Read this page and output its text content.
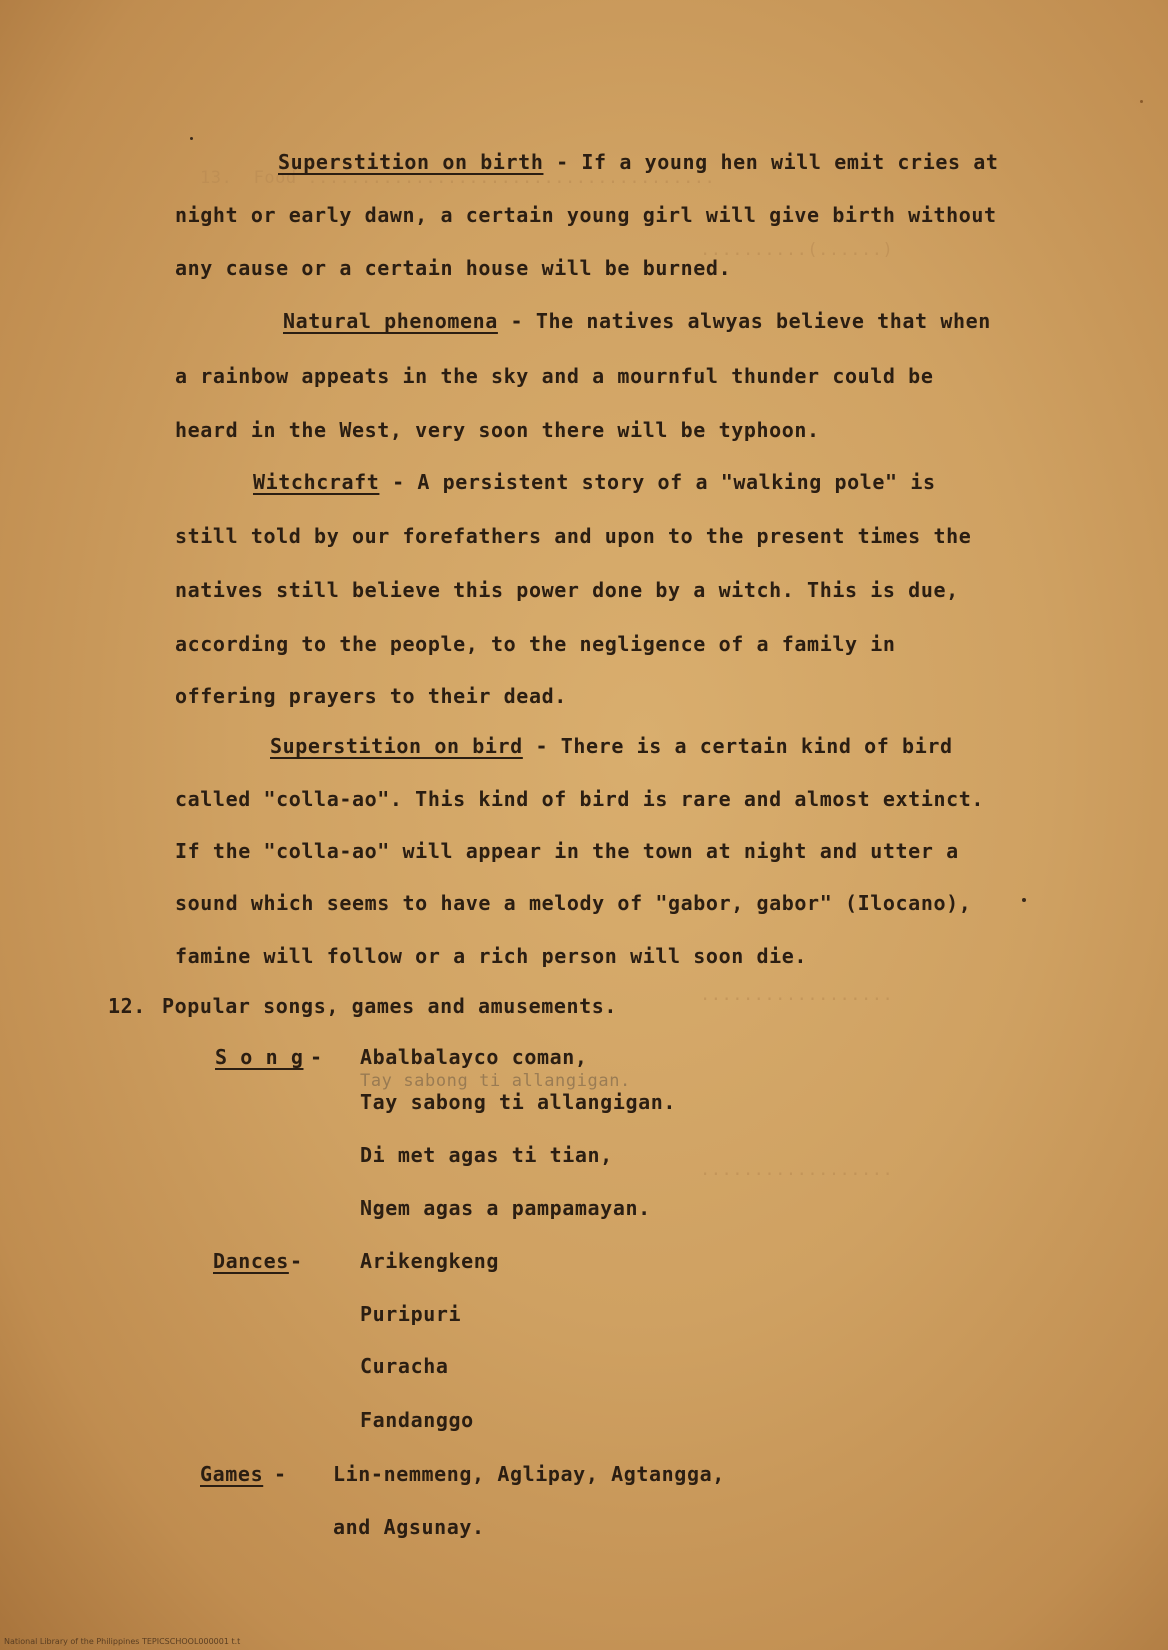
13.  Food ......................................
..........(......)
..................
..................
Superstition on birth - If a young hen will emit cries at
night or early dawn, a certain young girl will give birth without
any cause or a certain house will be burned.
Natural phenomena - The natives alwyas believe that when
a rainbow appeats in the sky and a mournful thunder could be
heard in the West, very soon there will be typhoon.
Witchcraft - A persistent story of a "walking pole" is
still told by our forefathers and upon to the present times the
natives still believe this power done by a witch. This is due,
according to the people, to the negligence of a family in
offering prayers to their dead.
Superstition on bird - There is a certain kind of bird
called "colla-ao". This kind of bird is rare and almost extinct.
If the "colla-ao" will appear in the town at night and utter a
sound which seems to have a melody of "gabor, gabor" (Ilocano),
famine will follow or a rich person will soon die.
12. Popular songs, games and amusements.
S o n g - Abalbalayco coman,
Tay sabong ti allangigan.
Tay sabong ti allangigan.
Di met agas ti tian,
Ngem agas a pampamayan.
Dances -	Arikengkeng
Puripuri
Curacha
Fandanggo
Games - Lin-nemmeng, Aglipay, Agtangga,
and Agsunay.
National Library of the Philippines TEPICSCHOOL000001 t.t
